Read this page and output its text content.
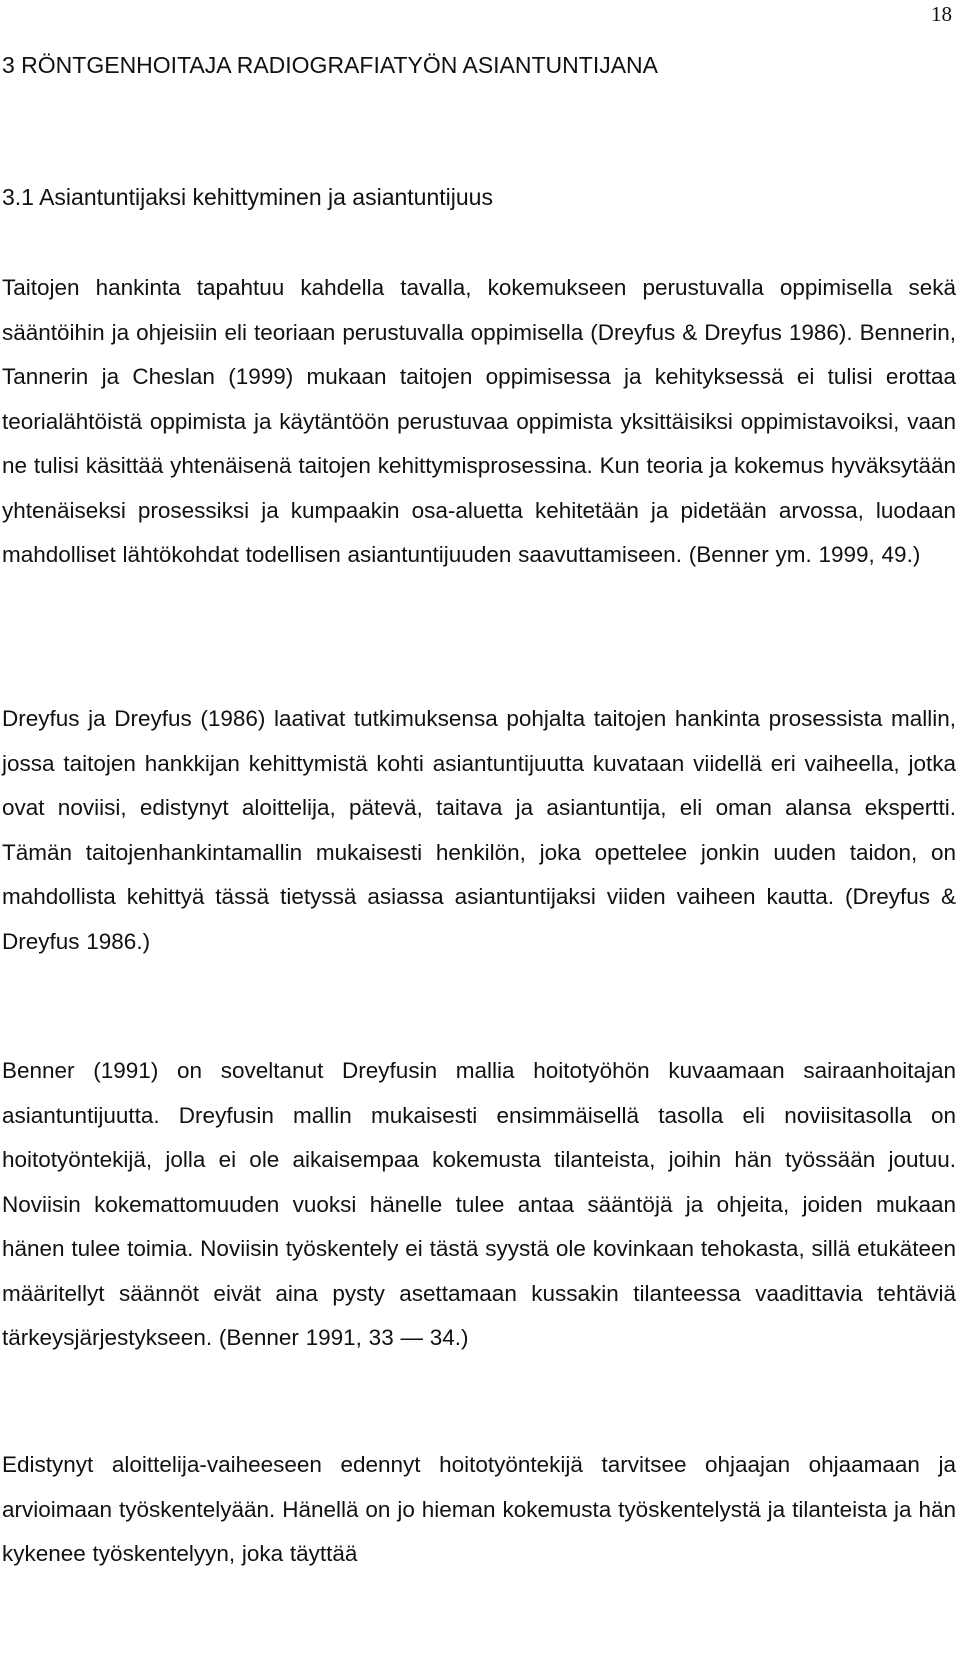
18
3 RÖNTGENHOITAJA RADIOGRAFIATYÖN ASIANTUNTIJANA
3.1 Asiantuntijaksi kehittyminen ja asiantuntijuus

Taitojen hankinta tapahtuu kahdella tavalla, kokemukseen perustuvalla oppimisella sekä sääntöihin ja ohjeisiin eli teoriaan perustuvalla oppimisella (Dreyfus & Dreyfus 1986). Bennerin, Tannerin ja Cheslan (1999) mukaan taitojen oppimisessa ja kehityksessä ei tulisi erottaa teorialähtöistä oppimista ja käytäntöön perustuvaa oppimista yksittäisiksi oppimistavoiksi, vaan ne tulisi käsittää yhtenäisenä taitojen kehittymisprosessina. Kun teoria ja kokemus hyväksytään yhtenäiseksi prosessiksi ja kumpaakin osa-aluetta kehitetään ja pidetään arvossa, luodaan mahdolliset lähtökohdat todellisen asiantuntijuuden saavuttamiseen. (Benner ym. 1999, 49.)

Dreyfus ja Dreyfus (1986) laativat tutkimuksensa pohjalta taitojen hankinta prosessista mallin, jossa taitojen hankkijan kehittymistä kohti asiantuntijuutta kuvataan viidellä eri vaiheella, jotka ovat noviisi, edistynyt aloittelija, pätevä, taitava ja asiantuntija, eli oman alansa ekspertti. Tämän taitojenhankintamallin mukaisesti henkilön, joka opettelee jonkin uuden taidon, on mahdollista kehittyä tässä tietyssä asiassa asiantuntijaksi viiden vaiheen kautta. (Dreyfus & Dreyfus 1986.)

Benner (1991) on soveltanut Dreyfusin mallia hoitotyöhön kuvaamaan sairaanhoitajan asiantuntijuutta. Dreyfusin mallin mukaisesti ensimmäisellä tasolla eli noviisitasolla on hoitotyöntekijä, jolla ei ole aikaisempaa kokemusta tilanteista, joihin hän työssään joutuu. Noviisin kokemattomuuden vuoksi hänelle tulee antaa sääntöjä ja ohjeita, joiden mukaan hänen tulee toimia. Noviisin työskentely ei tästä syystä ole kovinkaan tehokasta, sillä etukäteen määritellyt säännöt eivät aina pysty asettamaan kussakin tilanteessa vaadittavia tehtäviä tärkeysjärjestykseen. (Benner 1991, 33 — 34.)

Edistynyt aloittelija-vaiheeseen edennyt hoitotyöntekijä tarvitsee ohjaajan ohjaamaan ja arvioimaan työskentelyään. Hänellä on jo hieman kokemusta työskentelystä ja tilanteista ja hän kykenee työskentelyyn, joka täyttää
